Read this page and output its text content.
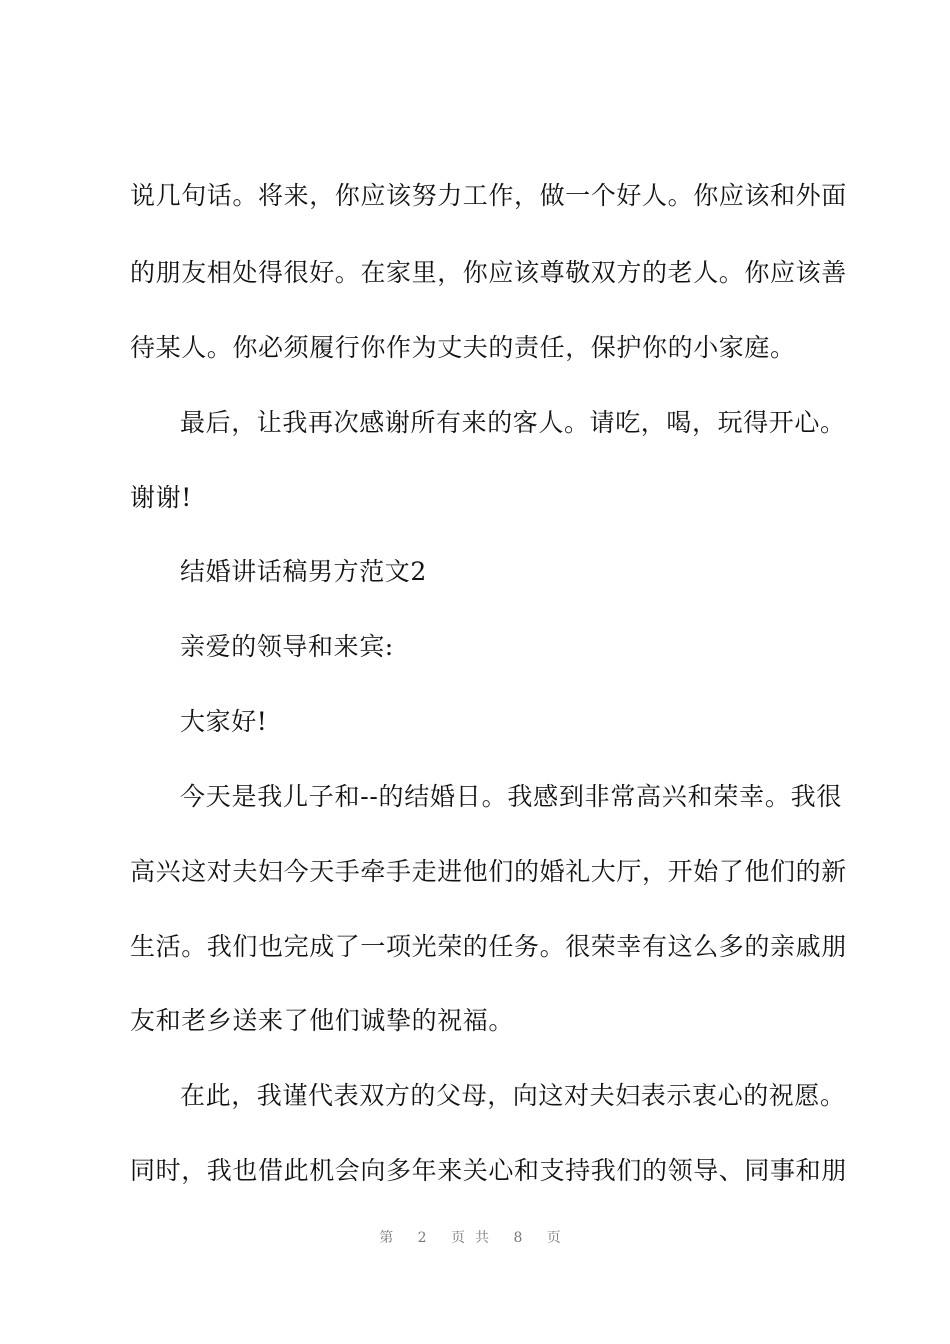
说几句话。将来，你应该努力工作，做一个好人。你应该和外面
的朋友相处得很好。在家里，你应该尊敬双方的老人。你应该善
待某人。你必须履行你作为丈夫的责任，保护你的小家庭。
最后，让我再次感谢所有来的客人。请吃，喝，玩得开心。
谢谢!
结婚讲话稿男方范文2
亲爱的领导和来宾:
大家好!
今天是我儿子和--的结婚日。我感到非常高兴和荣幸。我很
高兴这对夫妇今天手牵手走进他们的婚礼大厅，开始了他们的新
生活。我们也完成了一项光荣的任务。很荣幸有这么多的亲戚朋
友和老乡送来了他们诚挚的祝福。
在此，我谨代表双方的父母，向这对夫妇表示衷心的祝愿。
同时，我也借此机会向多年来关心和支持我们的领导、同事和朋
第 2 页共 8 页
